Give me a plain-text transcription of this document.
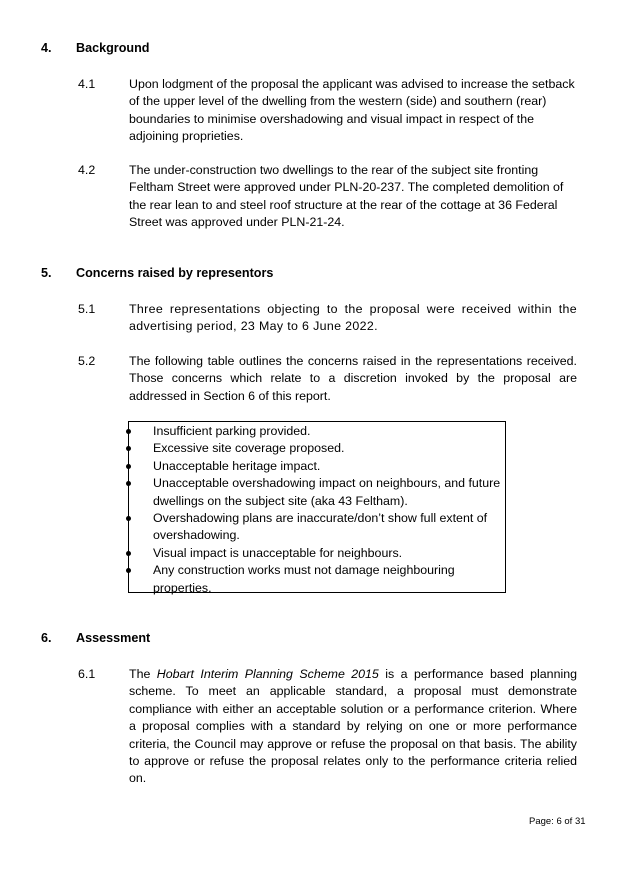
4. Background
4.1	Upon lodgment of the proposal the applicant was advised to increase the setback of the upper level of the dwelling from the western (side) and southern (rear) boundaries to minimise overshadowing and visual impact in respect of the adjoining proprieties.
4.2	The under-construction two dwellings to the rear of the subject site fronting Feltham Street were approved under PLN-20-237. The completed demolition of the rear lean to and steel roof structure at the rear of the cottage at 36 Federal Street was approved under PLN-21-24.
5. Concerns raised by representors
5.1	Three representations objecting to the proposal were received within the advertising period, 23 May to 6 June 2022.
5.2	The following table outlines the concerns raised in the representations received. Those concerns which relate to a discretion invoked by the proposal are addressed in Section 6 of this report.
Insufficient parking provided.
Excessive site coverage proposed.
Unacceptable heritage impact.
Unacceptable overshadowing impact on neighbours, and future dwellings on the subject site (aka 43 Feltham).
Overshadowing plans are inaccurate/don’t show full extent of overshadowing.
Visual impact is unacceptable for neighbours.
Any construction works must not damage neighbouring properties.
6. Assessment
6.1	The Hobart Interim Planning Scheme 2015 is a performance based planning scheme. To meet an applicable standard, a proposal must demonstrate compliance with either an acceptable solution or a performance criterion. Where a proposal complies with a standard by relying on one or more performance criteria, the Council may approve or refuse the proposal on that basis. The ability to approve or refuse the proposal relates only to the performance criteria relied on.
Page: 6 of 31
